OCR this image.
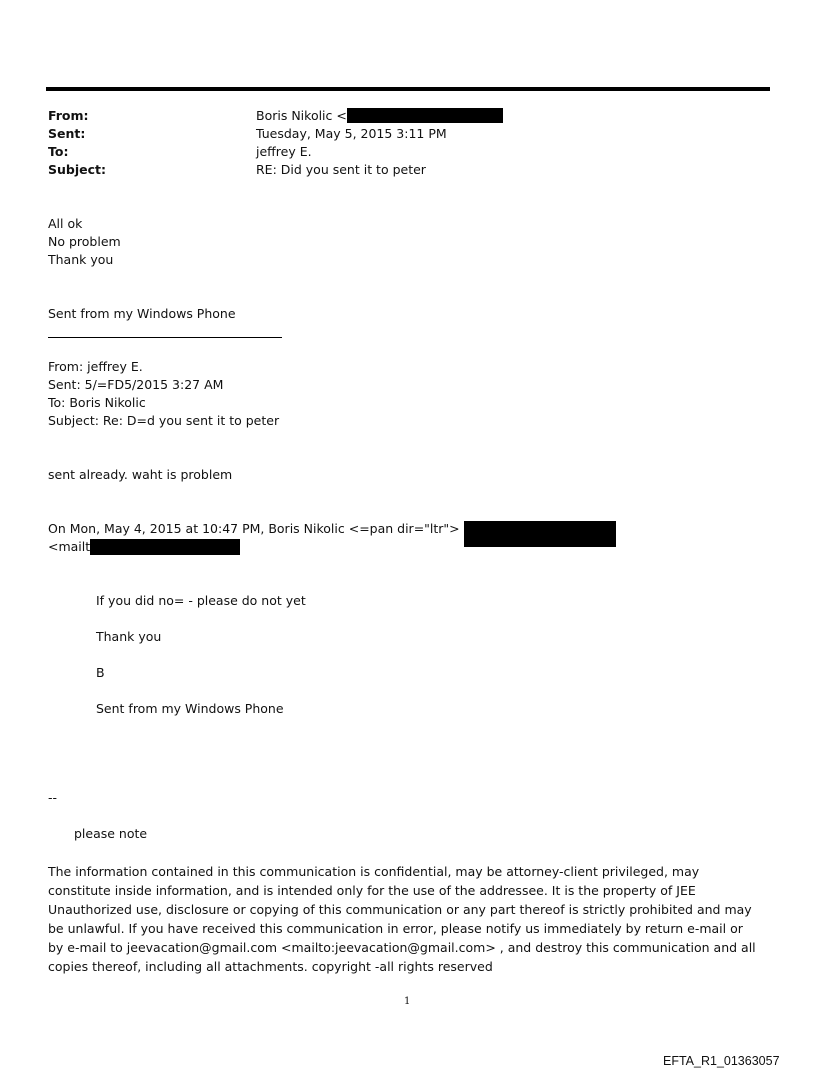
From:	Boris Nikolic <
Sent:	Tuesday, May 5, 2015 3:11 PM
To:	jeffrey E.
Subject:	RE: Did you sent it to peter
All ok
No problem
Thank you
Sent from my Windows Phone
From: jeffrey E.
Sent: 5/=FD5/2015 3:27 AM
To: Boris Nikolic
Subject: Re: D=d you sent it to peter
sent already. waht is problem
On Mon, May 4, 2015 at 10:47 PM, Boris Nikolic <=pan dir="ltr">
<mailt
If you did no= - please do not yet
Thank you
B
Sent from my Windows Phone
--
please note
The information contained in this communication is confidential, may be attorney-client privileged, may constitute inside information, and is intended only for the use of the addressee. It is the property of JEE Unauthorized use, disclosure or copying of this communication or any part thereof is strictly prohibited and may be unlawful. If you have received this communication in error, please notify us immediately by return e-mail or by e-mail to jeevacation@gmail.com <mailto:jeevacation@gmail.com> , and destroy this communication and all copies thereof, including all attachments. copyright -all rights reserved
1
EFTA_R1_01363057
